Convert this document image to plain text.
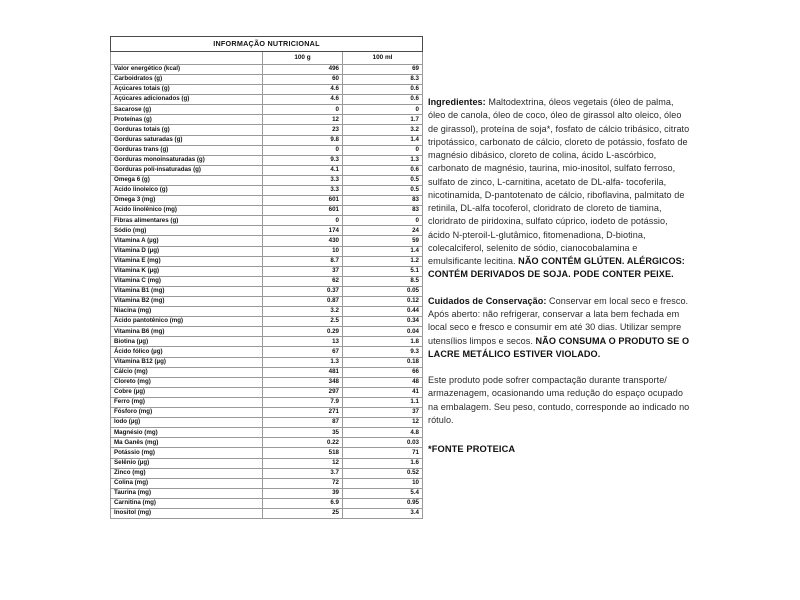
INFORMAÇÃO NUTRICIONAL		
	100 g	100 ml
Valor energético (kcal)	496	69
Carboidratos (g)	60	8.3
Açúcares totais (g)	4.6	0.6
Açúcares adicionados (g)	4.6	0.6
Sacarose (g)	0	0
Proteínas (g)	12	1.7
Gorduras totais (g)	23	3.2
Gorduras saturadas (g)	9.8	1.4
Gorduras trans (g)	0	0
Gorduras monoinsaturadas (g)	9.3	1.3
Gorduras poli-insaturadas (g)	4.1	0.6
Ômega 6 (g)	3.3	0.5
Ácido linoleico (g)	3.3	0.5
Ômega 3 (mg)	601	83
Ácido linolênico (mg)	601	83
Fibras alimentares (g)	0	0
Sódio (mg)	174	24
Vitamina A (µg)	430	59
Vitamina D (µg)	10	1.4
Vitamina E (mg)	8.7	1.2
Vitamina K (µg)	37	5.1
Vitamina C (mg)	62	8.5
Vitamina B1 (mg)	0.37	0.05
Vitamina B2 (mg)	0.87	0.12
Niacina (mg)	3.2	0.44
Ácido pantotênico (mg)	2.5	0.34
Vitamina B6 (mg)	0.29	0.04
Biotina (µg)	13	1.8
Ácido fólico (µg)	67	9.3
Vitamina B12 (µg)	1.3	0.18
Cálcio (mg)	481	66
Cloreto (mg)	348	48
Cobre (µg)	297	41
Ferro (mg)	7.9	1.1
Fósforo (mg)	271	37
Iodo (µg)	87	12
Magnésio (mg)	35	4.8
Ma Ganês (mg)	0.22	0.03
Potássio (mg)	518	71
Selênio (µg)	12	1.6
Zinco (mg)	3.7	0.52
Colina (mg)	72	10
Taurina (mg)	39	5.4
Carnitina (mg)	6.9	0.95
Inositol (mg)	25	3.4

Ingredientes: Maltodextrina, óleos vegetais (óleo de palma, óleo de canola, óleo de coco, óleo de girassol alto oleico, óleo de girassol), proteína de soja*, fosfato de cálcio tribásico, citrato tripotássico, carbonato de cálcio, cloreto de potássio, fosfato de magnésio dibásico, cloreto de colina, ácido L-ascórbico, carbonato de magnésio, taurina, mio-inositol, sulfato ferroso, sulfato de zinco, L-carnitina, acetato de DL-alfa- tocoferila, nicotinamida, D-pantotenato de cálcio, riboflavina, palmitato de retinila, DL-alfa tocoferol, cloridrato de cloreto de tiamina, cloridrato de piridoxina, sulfato cúprico, iodeto de potássio, ácido N-pteroil-L-glutâmico, fitomenadiona, D-biotina, colecalciferol, selenito de sódio, cianocobalamina e emulsificante lecitina. NÃO CONTÉM GLÚTEN. ALÉRGICOS: CONTÉM DERIVADOS DE SOJA. PODE CONTER PEIXE.

Cuidados de Conservação: Conservar em local seco e fresco. Após aberto: não refrigerar, conservar a lata bem fechada em local seco e fresco e consumir em até 30 dias. Utilizar sempre utensílios limpos e secos. NÃO CONSUMA O PRODUTO SE O LACRE METÁLICO ESTIVER VIOLADO.

Este produto pode sofrer compactação durante transporte/ armazenagem, ocasionando uma redução do espaço ocupado na embalagem. Seu peso, contudo, corresponde ao indicado no rótulo.

*FONTE PROTEICA
